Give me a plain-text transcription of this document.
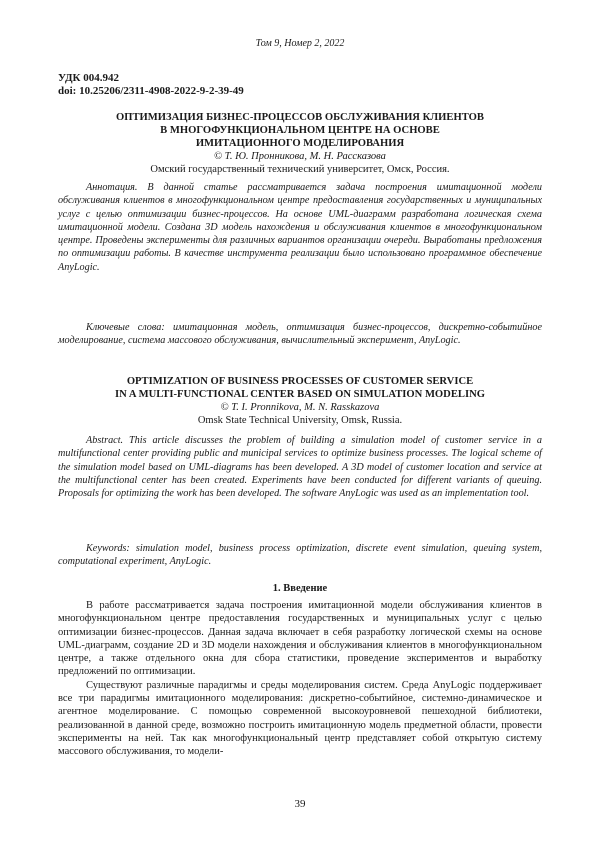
Том 9, Номер 2, 2022
УДК 004.942
doi: 10.25206/2311-4908-2022-9-2-39-49

ОПТИМИЗАЦИЯ БИЗНЕС-ПРОЦЕССОВ ОБСЛУЖИВАНИЯ КЛИЕНТОВ

В МНОГОФУНКЦИОНАЛЬНОМ ЦЕНТРЕ НА ОСНОВЕ

ИМИТАЦИОННОГО МОДЕЛИРОВАНИЯ

© Т. Ю. Пронникова, М. Н. Рассказова

Омский государственный технический университет, Омск, Россия.

Аннотация. В данной статье рассматривается задача построения имитационной модели обслуживания клиентов в многофункциональном центре предоставления государственных и муниципальных услуг с целью оптимизации бизнес-процессов. На основе UML-диаграмм разработана логическая схема имитационной модели. Создана 3D модель нахождения и обслуживания клиентов в многофункциональном центре. Проведены эксперименты для различных вариантов организации очереди. Выработаны предложения по оптимизации работы. В качестве инструмента реализации было использовано программное обеспечение AnyLogic.

Ключевые слова: имитационная модель, оптимизация бизнес-процессов, дискретно-событийное моделирование, система массового обслуживания, вычислительный эксперимент, AnyLogic.

OPTIMIZATION OF BUSINESS PROCESSES OF CUSTOMER SERVICE

IN A MULTI-FUNCTIONAL CENTER BASED ON SIMULATION MODELING

© T. I. Pronnikova, M. N. Rasskazova

Omsk State Technical University, Omsk, Russia.

Abstract. This article discusses the problem of building a simulation model of customer service in a multifunctional center providing public and municipal services to optimize business processes. The logical scheme of the simulation model based on UML-diagrams has been developed. A 3D model of customer location and service at the multifunctional center has been created. Experiments have been conducted for different variants of queuing. Proposals for optimizing the work has been developed. The software AnyLogic was used as an implementation tool.

Keywords: simulation model, business process optimization, discrete event simulation, queuing system, computational experiment, AnyLogic.

1. Введение

В работе рассматривается задача построения имитационной модели обслуживания клиентов в многофункциональном центре предоставления государственных и муниципальных услуг с целью оптимизации бизнес-процессов. Данная задача включает в себя разработку логической схемы на основе UML-диаграмм, создание 2D и 3D модели нахождения и обслуживания клиентов в многофункциональном центре, а также отдельного окна для сбора статистики, проведение экспериментов и выработку предложений по оптимизации.

Существуют различные парадигмы и среды моделирования систем. Среда AnyLogic поддерживает все три парадигмы имитационного моделирования: дискретно-событийное, системно-динамическое и агентное моделирование. С помощью современной высокоуровневой пешеходной библиотеки, реализованной в данной среде, возможно построить имитационную модель предметной области, провести эксперименты на ней. Так как многофункциональный центр представляет собой открытую систему массового обслуживания, то модели-

39
